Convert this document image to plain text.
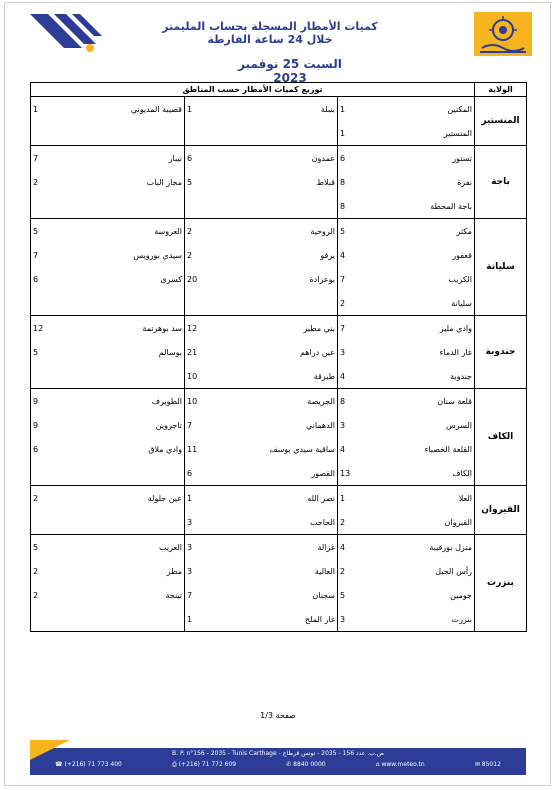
كميات الأمطار المسجلة بحساب المليمتر
خلال 24 ساعة الفارطة
السبت 25 نوفمبر 2023
الولاية	توزيع كميات الأمطار حسب المناطق					
المنستير	المكنين	1	بنبلة	1	قصيبة المديوني	1
	المنستير	1				
باجة	تستور	6	عمدون	6	تيبار	7
	نفزة	8	قبلاط	5	مجاز الباب	2
	باجة المحطة	8				
سليانة	مكثر	5	الروحية	2	العروسة	5
	قعفور	4	برقو	2	سيدي بورويس	7
	الكريب	7	بوعرادة	20	كسرى	6
	سليانة	2				
جندوبة	وادي مليز	7	بني مطير	12	سد بوهرتمة	12
	غار الدماء	3	عين دراهم	21	بوسالم	5
	جندوبة	4	طبرقة	10		
الكاف	قلعة سنان	8	الجريصة	10	الطويرف	9
	السرس	3	الدهماني	7	تاجروين	9
	القلعة الخصباء	4	ساقية سيدي يوسف	11	وادي ملاق	6
	الكاف	13	القصور	6		
القيروان	العلا	1	نصر الله	1	عين جلولة	2
	القيروان	2	الحاجب	3		
بنزرت	منزل بورقيبة	4	غزالة	3	العزيب	5
	رأس الجبل	2	العالية	3	مطر	2
	جومين	5	سجنان	7	تينجة	2
	بنزرت	3	غار الملح	1		
صفحة 1/3
B. P. n°156 - 2035 - Tunis Carthage - ص.ب. عدد 156 - 2035 - تونس قرطاج
☎ (+216) 71 773 400	⎙ (+216) 71 772 609	✆ 8840 0000	⌂ www.meteo.tn	✉ 85012
